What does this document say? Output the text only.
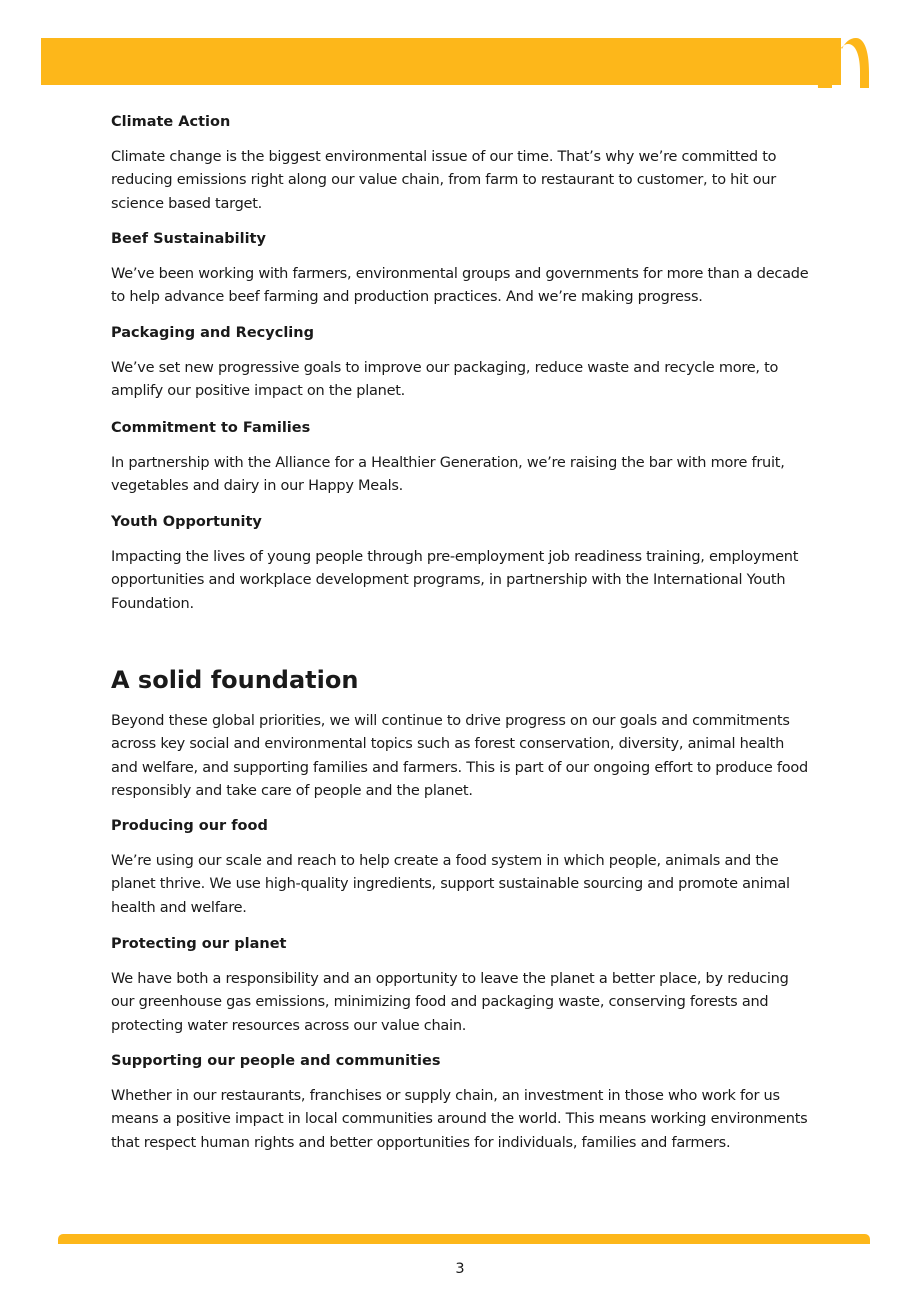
Climate Action

Climate change is the biggest environmental issue of our time. That’s why we’re committed to reducing emissions right along our value chain, from farm to restaurant to customer, to hit our science based target.

Beef Sustainability

We’ve been working with farmers, environmental groups and governments for more than a decade to help advance beef farming and production practices. And we’re making progress.

Packaging and Recycling

We’ve set new progressive goals to improve our packaging, reduce waste and recycle more, to amplify our positive impact on the planet.

Commitment to Families

In partnership with the Alliance for a Healthier Generation, we’re raising the bar with more fruit, vegetables and dairy in our Happy Meals.

Youth Opportunity

Impacting the lives of young people through pre-employment job readiness training, employment opportunities and workplace development programs, in partnership with the International Youth Foundation.

A solid foundation

Beyond these global priorities, we will continue to drive progress on our goals and commitments across key social and environmental topics such as forest conservation, diversity, animal health and welfare, and supporting families and farmers. This is part of our ongoing effort to produce food responsibly and take care of people and the planet.

Producing our food

We’re using our scale and reach to help create a food system in which people, animals and the planet thrive. We use high-quality ingredients, support sustainable sourcing and promote animal health and welfare.

Protecting our planet

We have both a responsibility and an opportunity to leave the planet a better place, by reducing our greenhouse gas emissions, minimizing food and packaging waste, conserving forests and protecting water resources across our value chain.

Supporting our people and communities

Whether in our restaurants, franchises or supply chain, an investment in those who work for us means a positive impact in local communities around the world. This means working environments that respect human rights and better opportunities for individuals, families and farmers.

3
